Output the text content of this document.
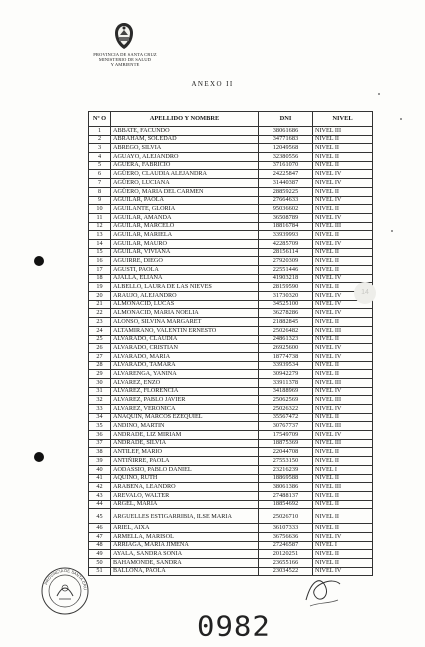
PROVINCIA DE SANTA CRUZ
MINISTERIO DE SALUD
Y AMBIENTE
ANEXO II
Nº O	APELLIDO Y NOMBRE	DNI	NIVEL
1	ABBATE, FACUNDO	38061686	NIVEL III
2	ABRAHAM, SOLEDAD	34771683	NIVEL II
3	ABREGO, SILVIA	12049568	NIVEL II
4	AGUAYO, ALEJANDRO	32380556	NIVEL II
5	AGUERA, FABRICIO	37161070	NIVEL II
6	AGÜERO, CLAUDIA ALEJANDRA	24225847	NIVEL IV
7	AGÜERO, LUCIANA	31440387	NIVEL IV
8	AGÜERO, MARIA DEL CARMEN	28859225	NIVEL II
9	AGUILAR, PAOLA	27664633	NIVEL IV
10	AGUILANTE, GLORIA	95036602	NIVEL II
11	AGUILAR, AMANDA	36508789	NIVEL IV
12	AGUILAR, MARCELO	18816784	NIVEL III
13	AGUILAR, MARIELA	33939993	NIVEL II
14	AGUILAR, MAURO	42285709	NIVEL IV
15	AGUILAR, VIVIANA	28156114	NIVEL II
16	AGUIRRE, DIEGO	27920309	NIVEL II
17	AGUSTI, PAOLA	22551446	NIVEL II
18	AJALLA, ELIANA	41903218	NIVEL IV
19	ALBELLO, LAURA DE LAS NIEVES	28159590	NIVEL II
20	ARAUJO, ALEJANDRO	31730320	NIVEL IV
21	ALMONACID, LUCAS	34525100	NIVEL IV
22	ALMONACID, MARIA NOELIA	36278286	NIVEL IV
23	ALONSO, SILVINA MARGARET	21882845	NIVEL II
24	ALTAMIRANO, VALENTIN ERNESTO	25026482	NIVEL III
25	ALVARADO, CLAUDIA	24861323	NIVEL II
26	ALVARADO, CRISTIAN	26925600	NIVEL IV
27	ALVARADO, MARIA	18774738	NIVEL IV
28	ALVARADO, TAMARA	33939534	NIVEL II
29	ALVARENGA, YANINA	30942279	NIVEL II
30	ALVAREZ, ENZO	33911378	NIVEL III
31	ALVAREZ, FLORENCIA	34188969	NIVEL IV
32	ALVAREZ, PABLO JAVIER	25062569	NIVEL III
33	ALVAREZ, VERONICA	25026322	NIVEL IV
34	ANAQUIN, MARCOS EZEQUIEL	35567472	NIVEL II
35	ANDINO, MARTIN	30767737	NIVEL III
36	ANDRADE, LIZ MIRIAM	17549709	NIVEL IV
37	ANDRADE, SILVIA	18875369	NIVEL III
38	ANTILEF, MARIO	22044708	NIVEL II
39	ANTIÑIRRE, PAOLA	27553150	NIVEL II
40	AODASSIO, PABLO DANIEL	23216239	NIVEL I
41	AQUINO, RUTH	18869588	NIVEL II
42	ARABENA, LEANDRO	38061386	NIVEL III
43	AREVALO, WALTER	27488137	NIVEL II
44	ARGEL, MARIA	18854692	NIVEL II
45	ARGUELLES ESTIGARRIBIA, ILSE MARIA	25026710	NIVEL II
46	ARIEL, AIXA	36107333	NIVEL II
47	ARMELLA, MARISOL	36756636	NIVEL IV
48	ARRIAGA, MARIA JIMENA	27246587	NIVEL I
49	AYALA, SANDRA SONIA	20120251	NIVEL II
50	BAHAMONDE, SANDRA	23655166	NIVEL II
51	BALLONA, PAOLA	23034522	NIVEL IV
14
PROVINCIA DE SANTA CRU
0982
